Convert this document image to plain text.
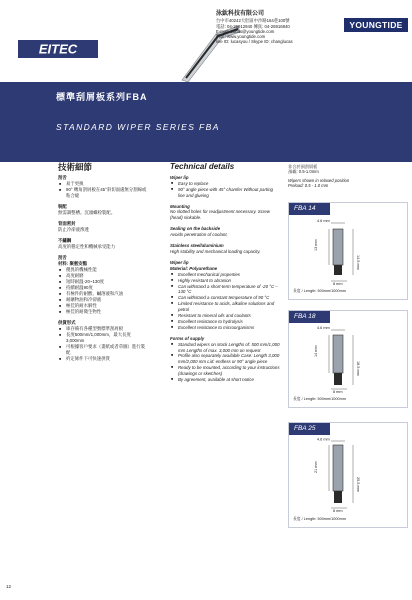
EITEC
泳鈦科技有限公司
台中市40242大肚區中沙路164巷100號
電話: 04-26912940 傳真: 04-26916840
E-mail: Lucas@youngtide.com
網址: www.youngtide.com
line ID: lucasyou / Skype ID: changlucas
YOUNGTIDE
標準刮屑板系列FBA
STANDARD WIPER SERIES FBA
技術細節
刮舌
■ 易于更換
■ 90° 轉角刮屑板在45°斜切面處無分割線或粘合縫
裝配
無需調整槽。沉頭螺栓裝配。
背面密封
防止冷卻液滲透
不鏽鋼
高度的穩定性和機械承受能力
刮舌
材料: 聚氨安酯
■ 優異的機械性能
■ 高度耐磨
■ 短時耐溫-20~130度
■ 持續耐溫90度
■ 有極件的耐酸、鹹溶液和汽油
■ 耐礦物油和冷卻液
■ 極佳的耐水解性
■ 極佳的耐微生物性
供貨形式
■ 庫存備有各種型號標準刮屑板
■ 長度500mm/1,000mm，最大長度3,000mm
■ 可根據客戶要求（畫紙或者草圖）進行裝配
■ 約定條件下可快速供貨
Technical details
Wiper lip
■ Easy to replace
■ 90° angle piece with 45° chamfer Without parting line and glueing
Mounting
No slotted holes for readjustment necessary. Screw (head) sinkable.
Sealing on the backside
Avoids penetration of coolant.
Stainless steel/aluminium
High stability and mechanical loading capacity.
Wiper lip
Material: Polyurethane
■ Excellent mechanical properties
■ Highly resistant to abrasion
■ Can withstand a short-term temperature of -20 °C – 130 °C
■ Can withstand a constant temperature of 90 °C
■ Limited resistance to acids, alkaline solutions and petrol
■ Resistant to mineral oils and coolants
■ Excellent resistance to hydrolysis
■ Excellent resistance to microorganisms
Forms of supply
■ Standard wipers on stock Lengths of: 500 mm/1,000 mm Lengths of max. 3,000 mm on request
■ Profile also separately available Case: Length 3,000 mm/2,000 mm Lid: endless or 90° angle piece
■ Ready to be mounted, according to your instructions (drawings or sketches)
■ By agreement, available at short notice
非合於預刮屑板
預載: 0.5-1.0mm
Wipers shown in relaxed position
Preload: 0.5 - 1.0 mm
FBA 14
4.6 mm
13 mm
14.5 mm
8 mm
長度 / Length: 500mm/1000mm
FBA 18
4.6 mm
14 mm
18.5 mm
8 mm
長度 / Length: 500mm/1000mm
FBA 25
4.6 mm
21 mm
25.5 mm
8 mm
長度 / Length: 500mm/1000mm
12
